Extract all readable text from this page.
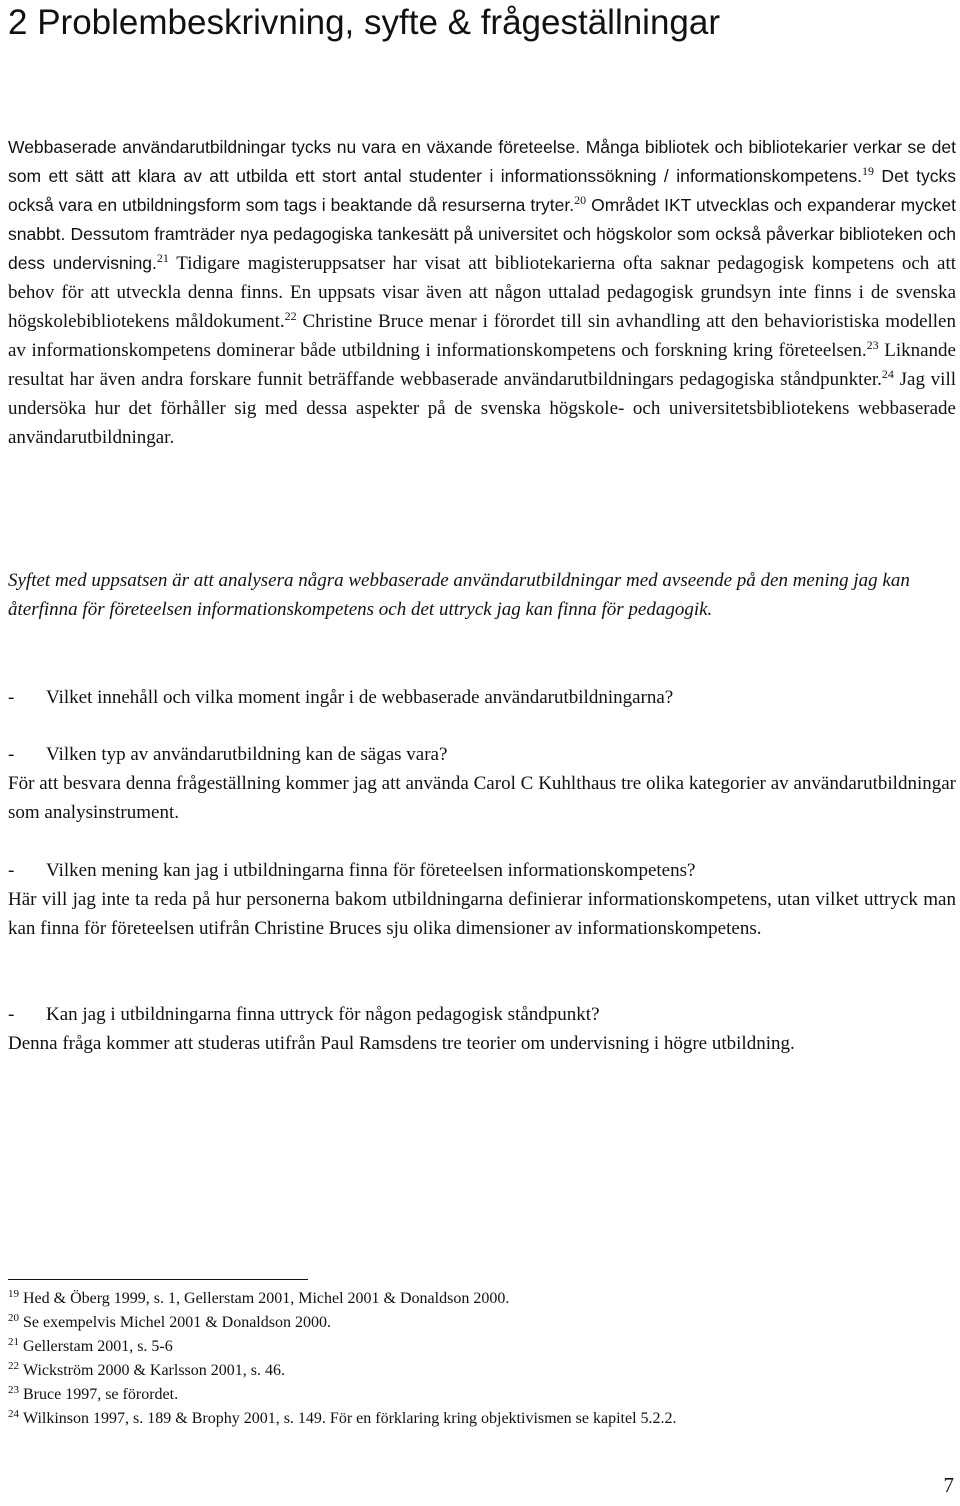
2 Problembeskrivning, syfte & frågeställningar

Webbaserade användarutbildningar tycks nu vara en växande företeelse. Många bibliotek och bibliotekarier verkar se det som ett sätt att klara av att utbilda ett stort antal studenter i informationssökning / informationskompetens.$^{19}$ Det tycks också vara en utbildningsform som tags i beaktande då resurserna tryter.$^{20}$ Området IKT utvecklas och expanderar mycket snabbt. Dessutom framträder nya pedagogiska tankesätt på universitet och högskolor som också påverkar biblioteken och dess undervisning.$^{21}$ Tidigare magisteruppsatser har visat att bibliotekarierna ofta saknar pedagogisk kompetens och att behov för att utveckla denna finns. En uppsats visar även att någon uttalad pedagogisk grundsyn inte finns i de svenska högskolebibliotekens måldokument.$^{22}$ Christine Bruce menar i förordet till sin avhandling att den behavioristiska modellen av informationskompetens dominerar både utbildning i informationskompetens och forskning kring företeelsen.$^{23}$ Liknande resultat har även andra forskare funnit beträffande webbaserade användarutbildningars pedagogiska ståndpunkter.$^{24}$ Jag vill undersöka hur det förhåller sig med dessa aspekter på de svenska högskole- och universitetsbibliotekens webbaserade användarutbildningar.

Syftet med uppsatsen är att analysera några webbaserade användarutbildningar med avseende på den mening jag kan återfinna för företeelsen informationskompetens och det uttryck jag kan finna för pedagogik.

- Vilket innehåll och vilka moment ingår i de webbaserade användarutbildningarna?
- Vilken typ av användarutbildning kan de sägas vara?

För att besvara denna frågeställning kommer jag att använda Carol C Kuhlthaus tre olika kategorier av användarutbildningar som analysinstrument.

- Vilken mening kan jag i utbildningarna finna för företeelsen informationskompetens?

Här vill jag inte ta reda på hur personerna bakom utbildningarna definierar informationskompetens, utan vilket uttryck man kan finna för företeelsen utifrån Christine Bruces sju olika dimensioner av informationskompetens.

- Kan jag i utbildningarna finna uttryck för någon pedagogisk ståndpunkt?

Denna fråga kommer att studeras utifrån Paul Ramsdens tre teorier om undervisning i högre utbildning.

$^{19}$ Hed & Öberg 1999, s. 1, Gellerstam 2001, Michel 2001 & Donaldson 2000.
$^{20}$ Se exempelvis Michel 2001 & Donaldson 2000.
$^{21}$ Gellerstam 2001, s. 5-6
$^{22}$ Wickström 2000 & Karlsson 2001, s. 46.
$^{23}$ Bruce 1997, se förordet.
$^{24}$ Wilkinson 1997, s. 189 & Brophy 2001, s. 149. För en förklaring kring objektivismen se kapitel 5.2.2.
7
